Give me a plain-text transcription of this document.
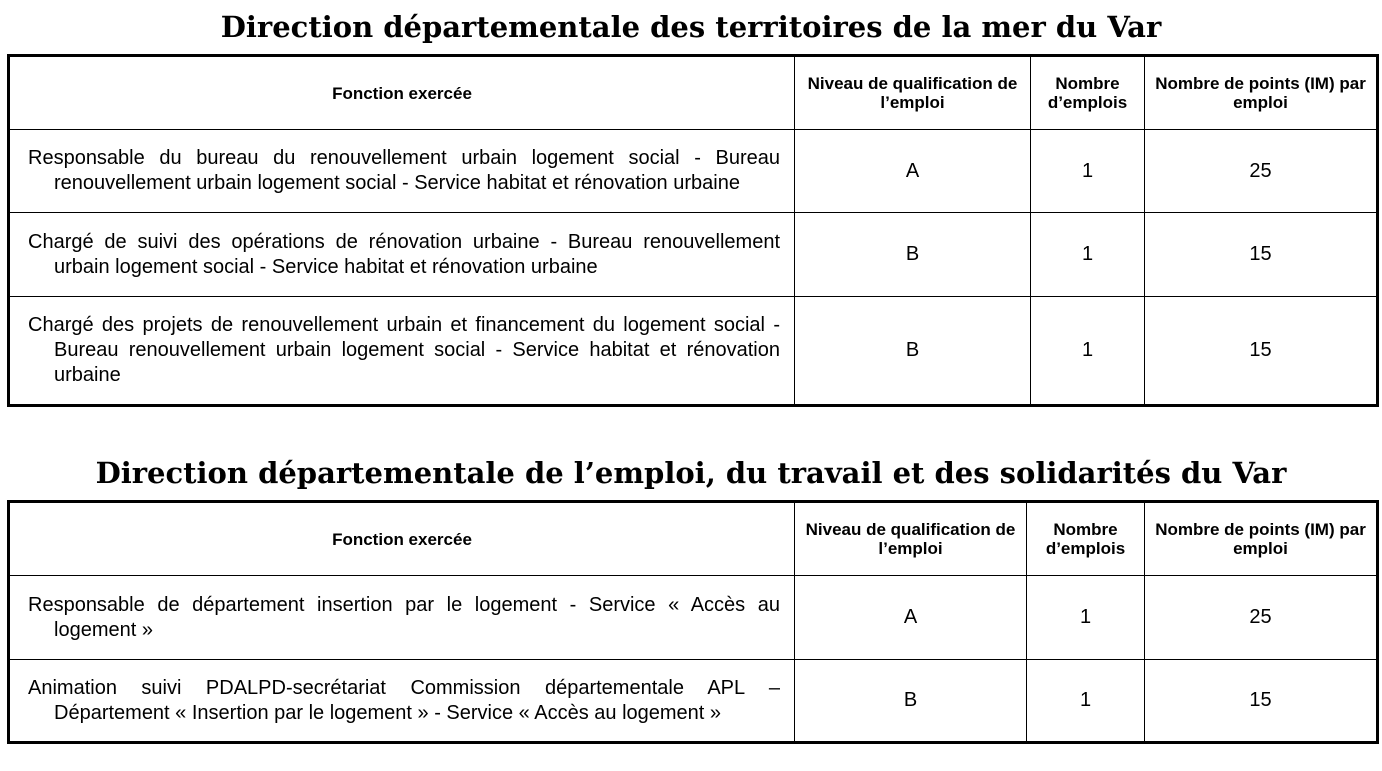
Direction départementale des territoires de la mer du Var
Fonction exercée	Niveau de qualification de l’emploi	Nombre d’emplois	Nombre de points (IM) par emploi

Responsable du bureau du renouvellement urbain logement social - Bureau renouvellement urbain logement social - Service habitat et rénovation urbaine	A	1	25

Chargé de suivi des opérations de rénovation urbaine - Bureau renouvellement urbain logement social - Service habitat et rénovation urbaine	B	1	15

Chargé des projets de renouvellement urbain et financement du logement social - Bureau renouvellement urbain logement social - Service habitat et rénovation urbaine	B	1	15
Direction départementale de l’emploi, du travail et des solidarités du Var
Fonction exercée	Niveau de qualification de l’emploi	Nombre d’emplois	Nombre de points (IM) par emploi

Responsable de département insertion par le logement - Service « Accès au logement »	A	1	25

Animation suivi PDALPD-secrétariat Commission départementale APL – Département « Insertion par le logement » - Service « Accès au logement »	B	1	15
